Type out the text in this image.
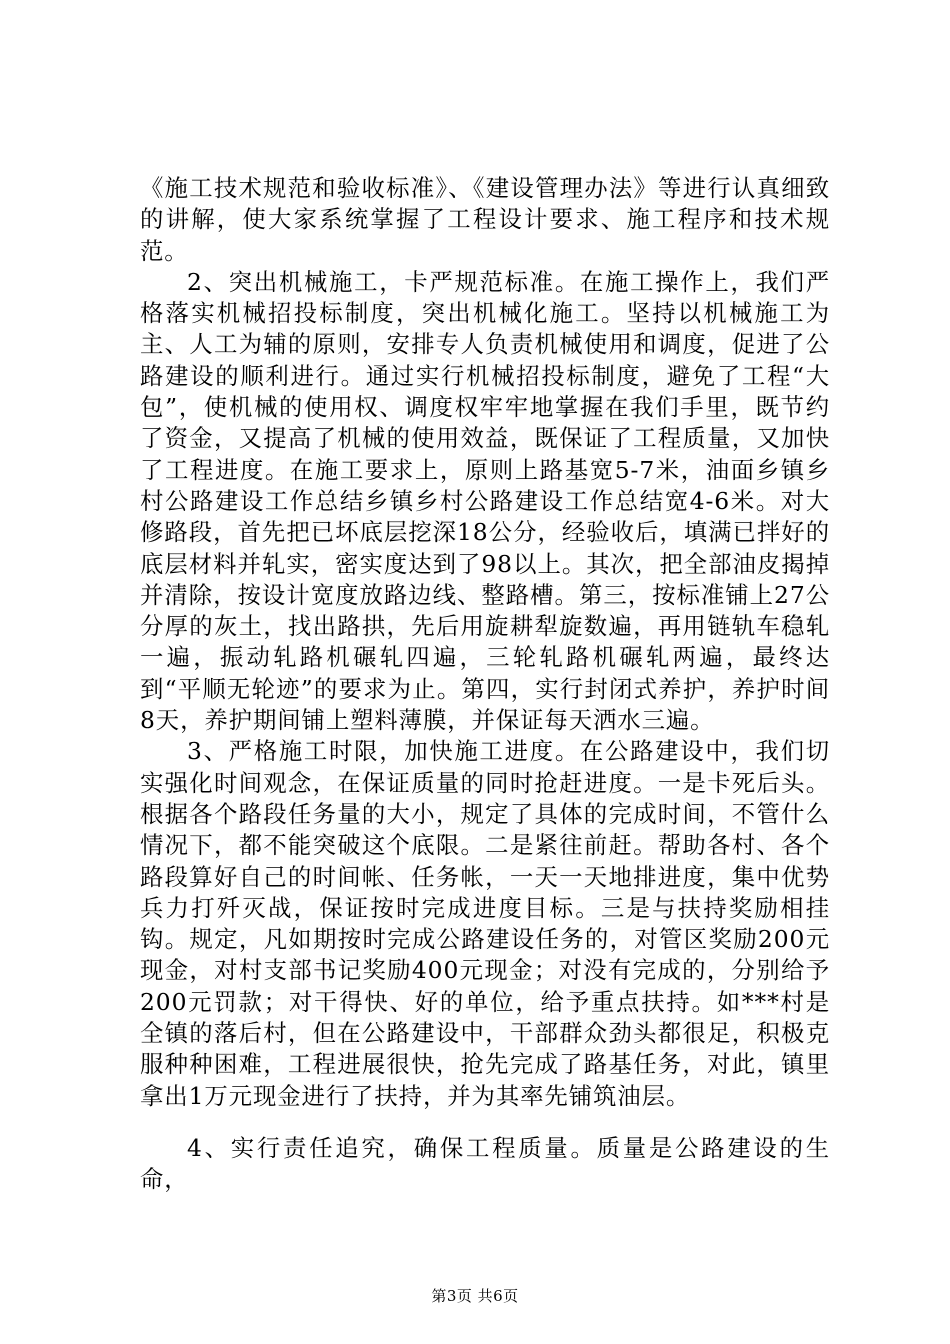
《施工技术规范和验收标准》、《建设管理办法》等进行认真细致的讲解，使大家系统掌握了工程设计要求、施工程序和技术规范。

2、突出机械施工，卡严规范标准。在施工操作上，我们严格落实机械招投标制度，突出机械化施工。坚持以机械施工为主、人工为辅的原则，安排专人负责机械使用和调度，促进了公路建设的顺利进行。通过实行机械招投标制度，避免了工程“大包”，使机械的使用权、调度权牢牢地掌握在我们手里，既节约了资金，又提高了机械的使用效益，既保证了工程质量，又加快了工程进度。在施工要求上，原则上路基宽5-7米，油面乡镇乡村公路建设工作总结乡镇乡村公路建设工作总结宽4-6米。对大修路段，首先把已坏底层挖深18公分，经验收后，填满已拌好的底层材料并轧实，密实度达到了98以上。其次，把全部油皮揭掉并清除，按设计宽度放路边线、整路槽。第三，按标准铺上27公分厚的灰土，找出路拱，先后用旋耕犁旋数遍，再用链轨车稳轧一遍，振动轧路机碾轧四遍，三轮轧路机碾轧两遍，最终达到“平顺无轮迹”的要求为止。第四，实行封闭式养护，养护时间8天，养护期间铺上塑料薄膜，并保证每天洒水三遍。

3、严格施工时限，加快施工进度。在公路建设中，我们切实强化时间观念，在保证质量的同时抢赶进度。一是卡死后头。根据各个路段任务量的大小，规定了具体的完成时间，不管什么情况下，都不能突破这个底限。二是紧往前赶。帮助各村、各个路段算好自己的时间帐、任务帐，一天一天地排进度，集中优势兵力打歼灭战，保证按时完成进度目标。三是与扶持奖励相挂钩。规定，凡如期按时完成公路建设任务的，对管区奖励200元现金，对村支部书记奖励400元现金；对没有完成的，分别给予200元罚款；对干得快、好的单位，给予重点扶持。如***村是全镇的落后村，但在公路建设中，干部群众劲头都很足，积极克服种种困难，工程进展很快，抢先完成了路基任务，对此，镇里拿出1万元现金进行了扶持，并为其率先铺筑油层。

4、实行责任追究，确保工程质量。质量是公路建设的生命，

第3页 共6页
